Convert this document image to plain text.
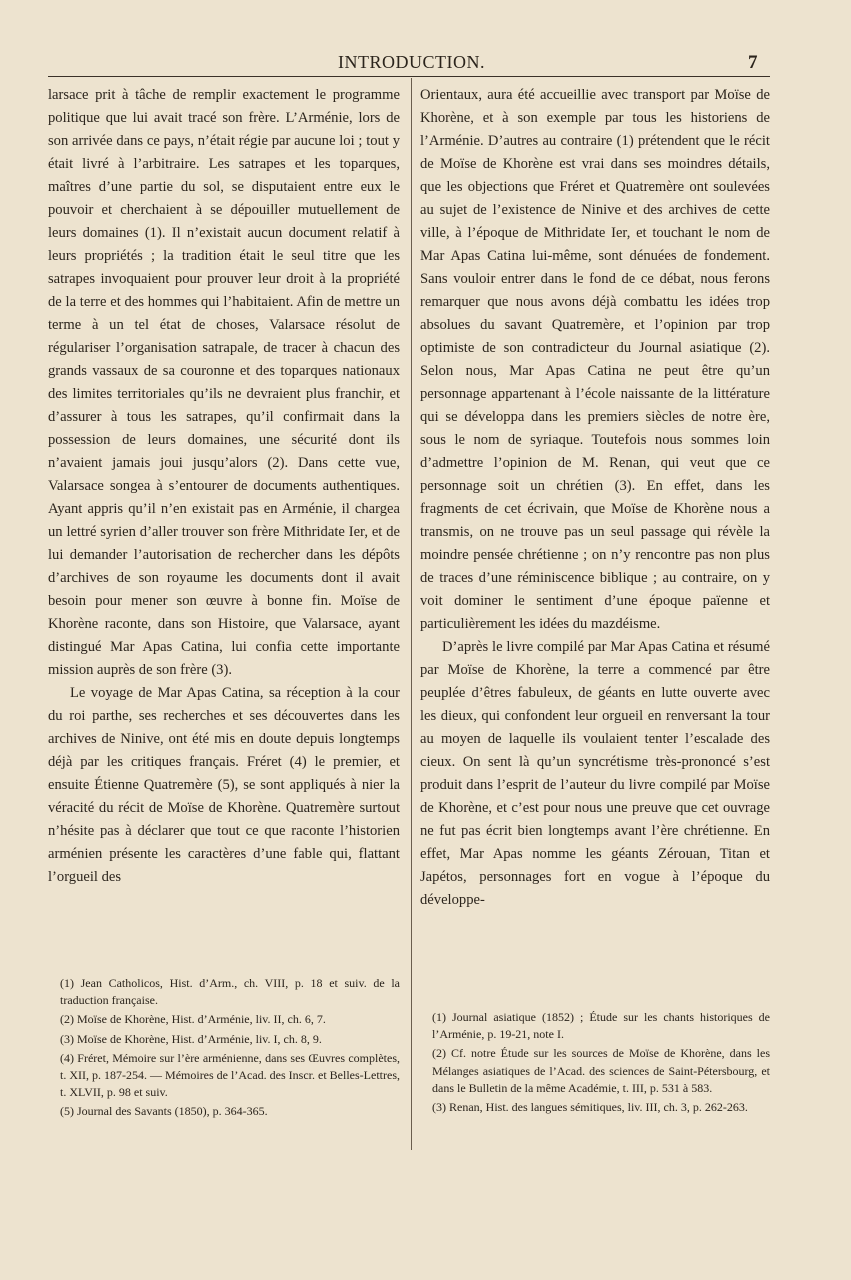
INTRODUCTION.	7

larsace prit à tâche de remplir exactement le programme politique que lui avait tracé son frère. L’Arménie, lors de son arrivée dans ce pays, n’était régie par aucune loi ; tout y était livré à l’arbitraire. Les satrapes et les toparques, maîtres d’une partie du sol, se disputaient entre eux le pouvoir et cherchaient à se dépouiller mutuellement de leurs domaines (1). Il n’existait aucun document relatif à leurs propriétés ; la tradition était le seul titre que les satrapes invoquaient pour prouver leur droit à la propriété de la terre et des hommes qui l’habitaient. Afin de mettre un terme à un tel état de choses, Valarsace résolut de régulariser l’organisation satrapale, de tracer à chacun des grands vassaux de sa couronne et des toparques nationaux des limites territoriales qu’ils ne devraient plus franchir, et d’assurer à tous les satrapes, qu’il confirmait dans la possession de leurs domaines, une sécurité dont ils n’avaient jamais joui jusqu’alors (2). Dans cette vue, Valarsace songea à s’entourer de documents authentiques. Ayant appris qu’il n’en existait pas en Arménie, il chargea un lettré syrien d’aller trouver son frère Mithridate Ier, et de lui demander l’autorisation de rechercher dans les dépôts d’archives de son royaume les documents dont il avait besoin pour mener son œuvre à bonne fin. Moïse de Khorène raconte, dans son Histoire, que Valarsace, ayant distingué Mar Apas Catina, lui confia cette importante mission auprès de son frère (3).

Le voyage de Mar Apas Catina, sa réception à la cour du roi parthe, ses recherches et ses découvertes dans les archives de Ninive, ont été mis en doute depuis longtemps déjà par les critiques français. Fréret (4) le premier, et ensuite Étienne Quatremère (5), se sont appliqués à nier la véracité du récit de Moïse de Khorène. Quatremère surtout n’hésite pas à déclarer que tout ce que raconte l’historien arménien présente les caractères d’une fable qui, flattant l’orgueil des

Orientaux, aura été accueillie avec transport par Moïse de Khorène, et à son exemple par tous les historiens de l’Arménie. D’autres au contraire (1) prétendent que le récit de Moïse de Khorène est vrai dans ses moindres détails, que les objections que Fréret et Quatremère ont soulevées au sujet de l’existence de Ninive et des archives de cette ville, à l’époque de Mithridate Ier, et touchant le nom de Mar Apas Catina lui-même, sont dénuées de fondement. Sans vouloir entrer dans le fond de ce débat, nous ferons remarquer que nous avons déjà combattu les idées trop absolues du savant Quatremère, et l’opinion par trop optimiste de son contradicteur du Journal asiatique (2). Selon nous, Mar Apas Catina ne peut être qu’un personnage appartenant à l’école naissante de la littérature qui se développa dans les premiers siècles de notre ère, sous le nom de syriaque. Toutefois nous sommes loin d’admettre l’opinion de M. Renan, qui veut que ce personnage soit un chrétien (3). En effet, dans les fragments de cet écrivain, que Moïse de Khorène nous a transmis, on ne trouve pas un seul passage qui révèle la moindre pensée chrétienne ; on n’y rencontre pas non plus de traces d’une réminiscence biblique ; au contraire, on y voit dominer le sentiment d’une époque païenne et particulièrement les idées du mazdéisme.

D’après le livre compilé par Mar Apas Catina et résumé par Moïse de Khorène, la terre a commencé par être peuplée d’êtres fabuleux, de géants en lutte ouverte avec les dieux, qui confondent leur orgueil en renversant la tour au moyen de laquelle ils voulaient tenter l’escalade des cieux. On sent là qu’un syncrétisme très-prononcé s’est produit dans l’esprit de l’auteur du livre compilé par Moïse de Khorène, et c’est pour nous une preuve que cet ouvrage ne fut pas écrit bien longtemps avant l’ère chrétienne. En effet, Mar Apas nomme les géants Zérouan, Titan et Japétos, personnages fort en vogue à l’époque du développe-

(1) Jean Catholicos, Hist. d’Arm., ch. VIII, p. 18 et suiv. de la traduction française.

(2) Moïse de Khorène, Hist. d’Arménie, liv. II, ch. 6, 7.

(3) Moïse de Khorène, Hist. d’Arménie, liv. I, ch. 8, 9.

(4) Fréret, Mémoire sur l’ère arménienne, dans ses Œuvres complètes, t. XII, p. 187-254. — Mémoires de l’Acad. des Inscr. et Belles-Lettres, t. XLVII, p. 98 et suiv.

(5) Journal des Savants (1850), p. 364-365.

(1) Journal asiatique (1852) ; Étude sur les chants historiques de l’Arménie, p. 19-21, note I.

(2) Cf. notre Étude sur les sources de Moïse de Khorène, dans les Mélanges asiatiques de l’Acad. des sciences de Saint-Pétersbourg, et dans le Bulletin de la même Académie, t. III, p. 531 à 583.

(3) Renan, Hist. des langues sémitiques, liv. III, ch. 3, p. 262-263.
